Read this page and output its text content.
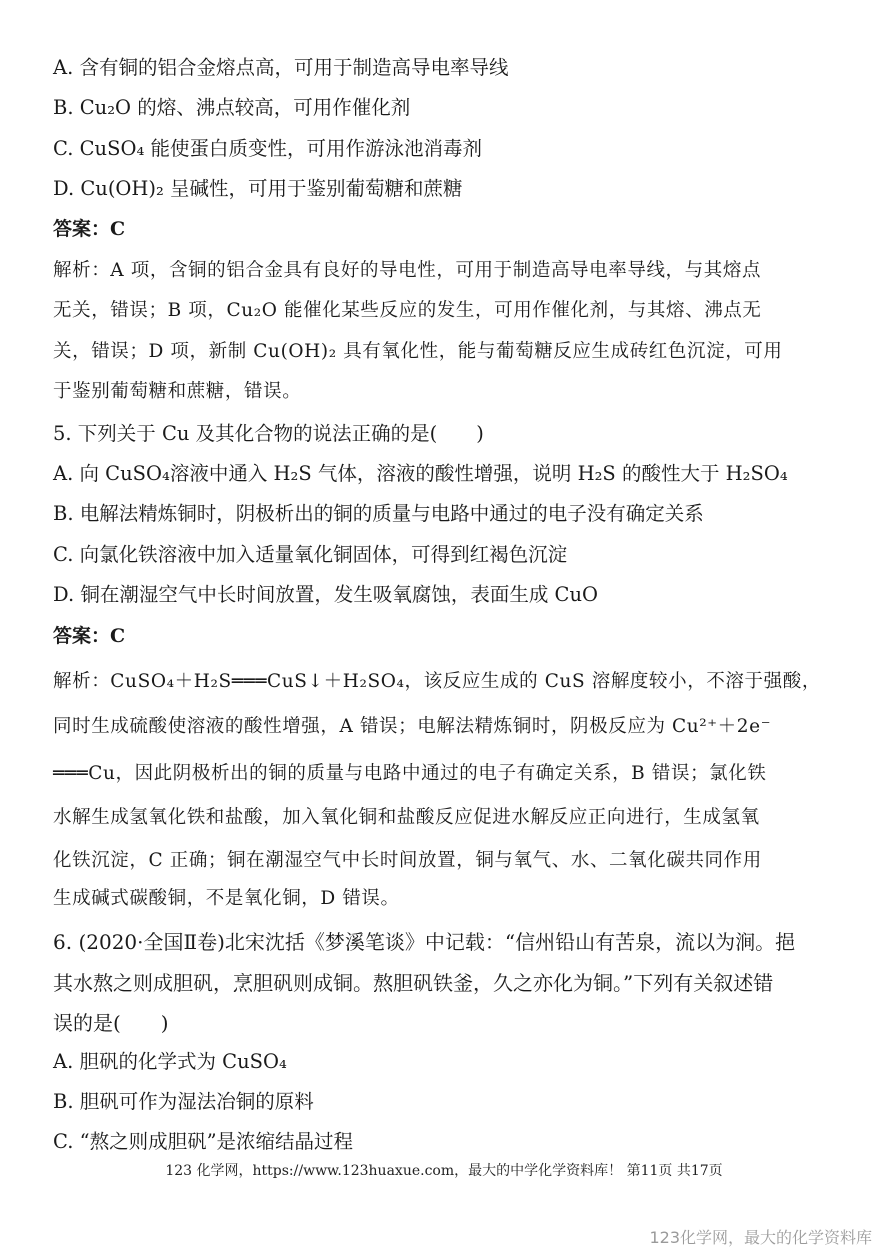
A. 含有铜的铝合金熔点高，可用于制造高导电率导线
B. Cu₂O 的熔、沸点较高，可用作催化剂
C. CuSO₄ 能使蛋白质变性，可用作游泳池消毒剂
D. Cu(OH)₂ 呈碱性，可用于鉴别葡萄糖和蔗糖
答案：C
解析：A 项，含铜的铝合金具有良好的导电性，可用于制造高导电率导线，与其熔点
无关，错误；B 项，Cu₂O 能催化某些反应的发生，可用作催化剂，与其熔、沸点无
关，错误；D 项，新制 Cu(OH)₂ 具有氧化性，能与葡萄糖反应生成砖红色沉淀，可用
于鉴别葡萄糖和蔗糖，错误。
5. 下列关于 Cu 及其化合物的说法正确的是(　　)
A. 向 CuSO₄溶液中通入 H₂S 气体，溶液的酸性增强，说明 H₂S 的酸性大于 H₂SO₄
B. 电解法精炼铜时，阴极析出的铜的质量与电路中通过的电子没有确定关系
C. 向氯化铁溶液中加入适量氧化铜固体，可得到红褐色沉淀
D. 铜在潮湿空气中长时间放置，发生吸氧腐蚀，表面生成 CuO
答案：C
解析：CuSO₄＋H₂S═══CuS↓＋H₂SO₄，该反应生成的 CuS 溶解度较小，不溶于强酸，
同时生成硫酸使溶液的酸性增强，A 错误；电解法精炼铜时，阴极反应为 Cu²⁺＋2e⁻
═══Cu，因此阴极析出的铜的质量与电路中通过的电子有确定关系，B 错误；氯化铁
水解生成氢氧化铁和盐酸，加入氧化铜和盐酸反应促进水解反应正向进行，生成氢氧
化铁沉淀，C 正确；铜在潮湿空气中长时间放置，铜与氧气、水、二氧化碳共同作用
生成碱式碳酸铜，不是氧化铜，D 错误。
6. (2020·全国Ⅱ卷)北宋沈括《梦溪笔谈》中记载：“信州铅山有苦泉，流以为涧。挹
其水熬之则成胆矾，烹胆矾则成铜。熬胆矾铁釜，久之亦化为铜。”下列有关叙述错
误的是(　　)
A. 胆矾的化学式为 CuSO₄
B. 胆矾可作为湿法冶铜的原料
C. “熬之则成胆矾”是浓缩结晶过程
123 化学网，https://www.123huaxue.com，最大的中学化学资料库！ 第11页 共17页
123化学网，最大的化学资料库
